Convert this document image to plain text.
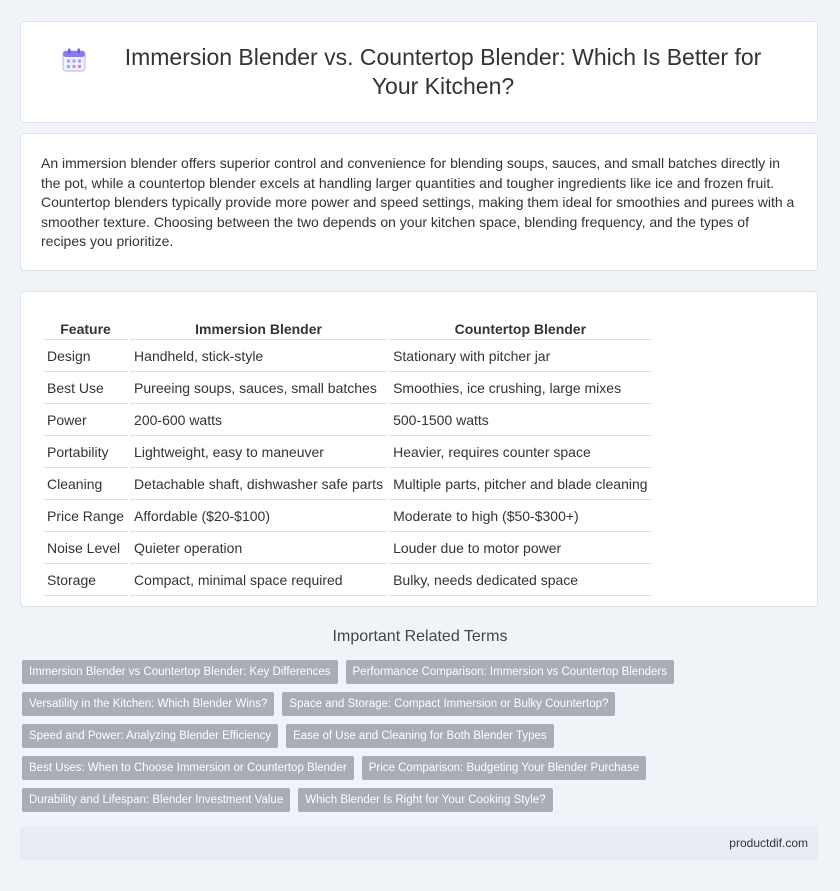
Immersion Blender vs. Countertop Blender: Which Is Better for Your Kitchen?

An immersion blender offers superior control and convenience for blending soups, sauces, and small batches directly in the pot, while a countertop blender excels at handling larger quantities and tougher ingredients like ice and frozen fruit. Countertop blenders typically provide more power and speed settings, making them ideal for smoothies and purees with a smoother texture. Choosing between the two depends on your kitchen space, blending frequency, and the types of recipes you prioritize.

Feature	Immersion Blender	Countertop Blender
Design	Handheld, stick-style	Stationary with pitcher jar
Best Use	Pureeing soups, sauces, small batches	Smoothies, ice crushing, large mixes
Power	200-600 watts	500-1500 watts
Portability	Lightweight, easy to maneuver	Heavier, requires counter space
Cleaning	Detachable shaft, dishwasher safe parts	Multiple parts, pitcher and blade cleaning
Price Range	Affordable ($20-$100)	Moderate to high ($50-$300+)
Noise Level	Quieter operation	Louder due to motor power
Storage	Compact, minimal space required	Bulky, needs dedicated space
Important Related Terms
Immersion Blender vs Countertop Blender: Key Differences	Performance Comparison: Immersion vs Countertop Blenders
Versatility in the Kitchen: Which Blender Wins?	Space and Storage: Compact Immersion or Bulky Countertop?
Speed and Power: Analyzing Blender Efficiency	Ease of Use and Cleaning for Both Blender Types
Best Uses: When to Choose Immersion or Countertop Blender	Price Comparison: Budgeting Your Blender Purchase
Durability and Lifespan: Blender Investment Value	Which Blender Is Right for Your Cooking Style?
productdif.com
